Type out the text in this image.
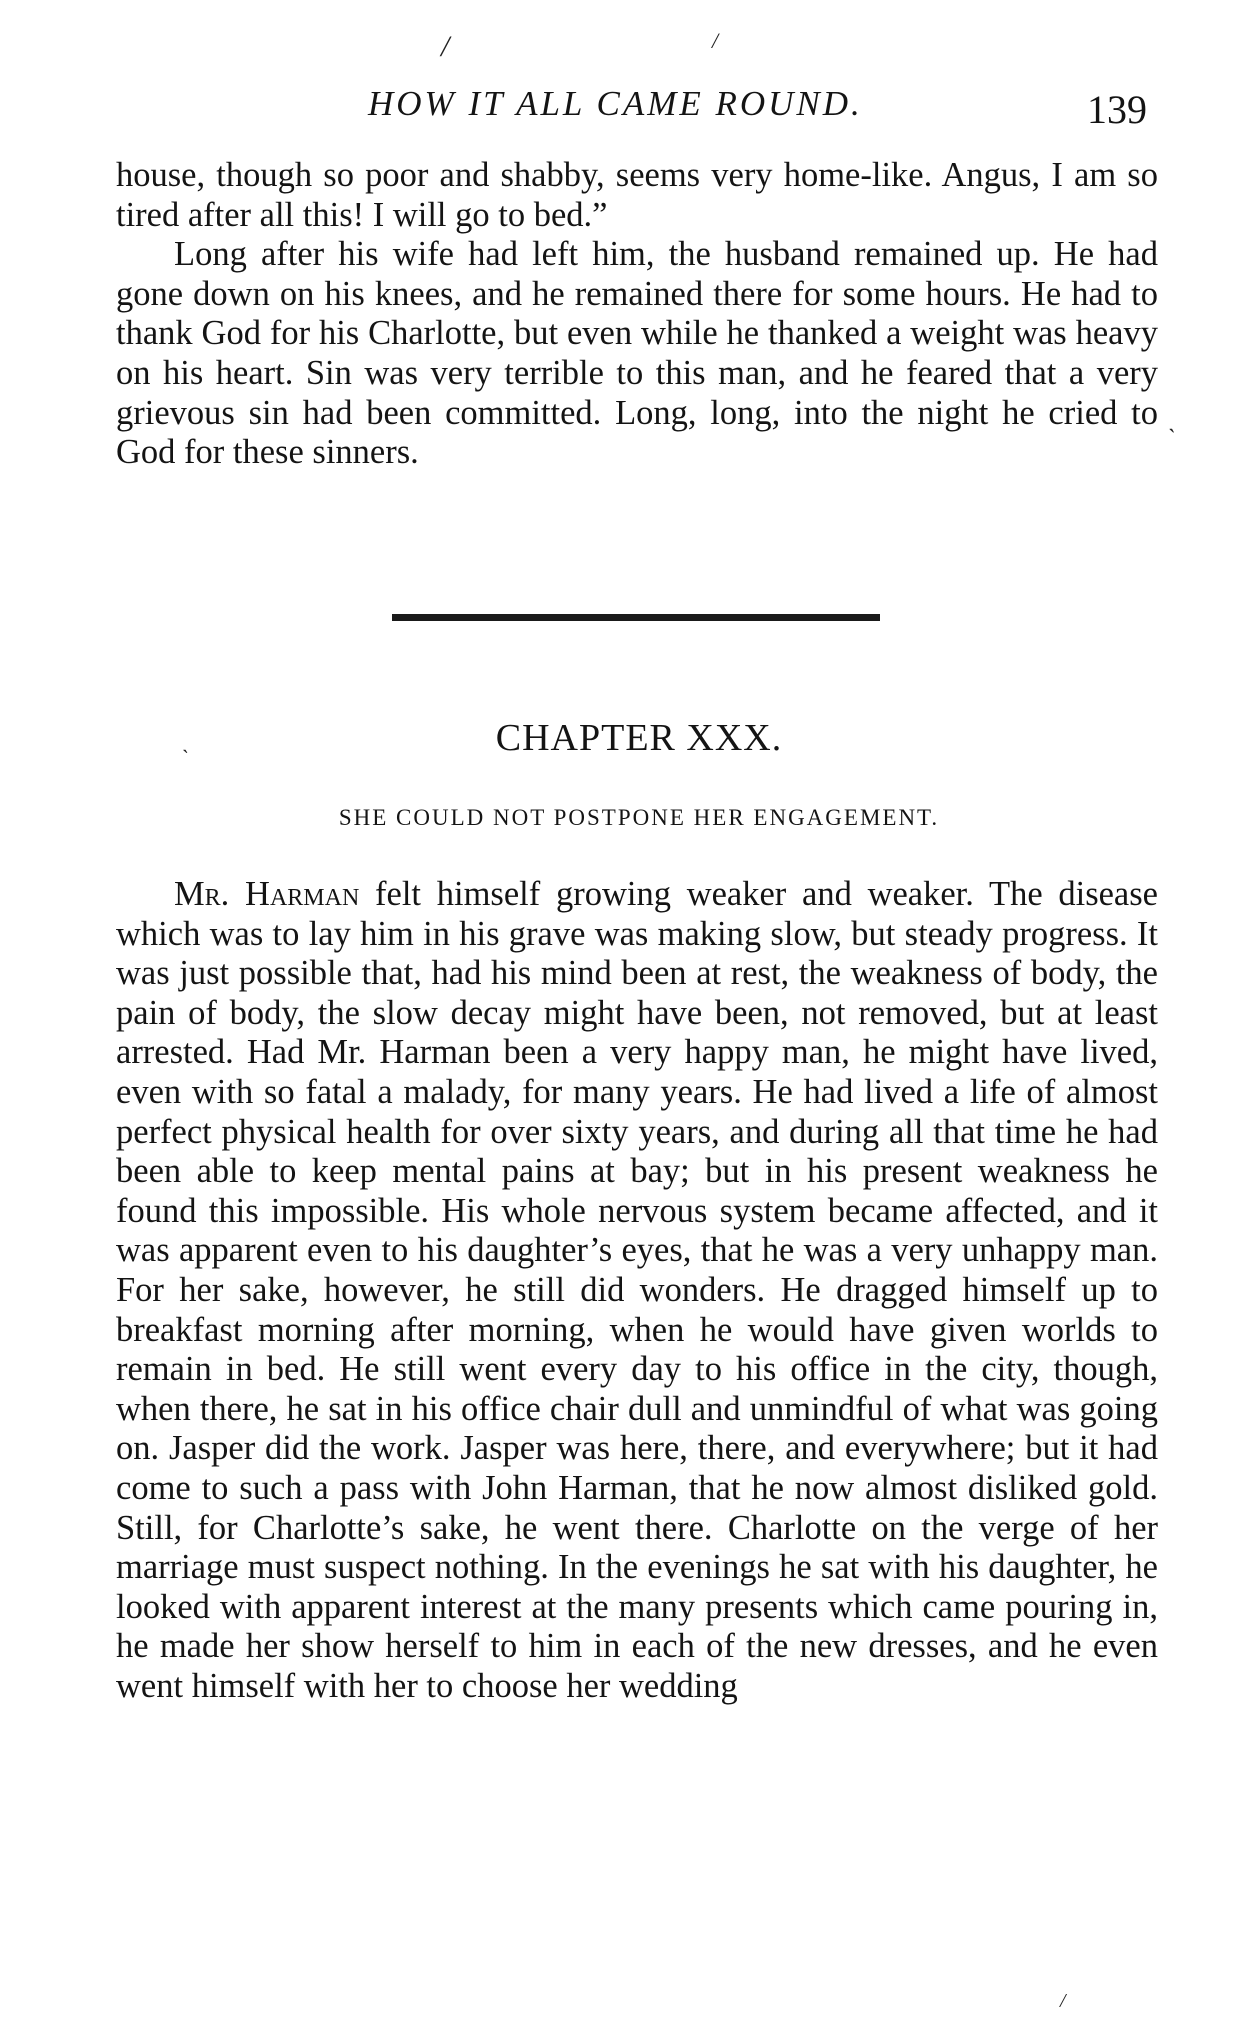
/	/
HOW IT ALL CAME ROUND.	139

house, though so poor and shabby, seems very home-like. Angus, I am so tired after all this! I will go to bed.”

Long after his wife had left him, the husband remained up. He had gone down on his knees, and he remained there for some hours. He had to thank God for his Charlotte, but even while he thanked a weight was heavy on his heart. Sin was very terrible to this man, and he feared that a very grievous sin had been committed. Long, long, into the night he cried to God for these sinners.	`
CHAPTER XXX.
`
SHE COULD NOT POSTPONE HER ENGAGEMENT.

Mr. Harman felt himself growing weaker and weaker. The disease which was to lay him in his grave was making slow, but steady progress. It was just possible that, had his mind been at rest, the weakness of body, the pain of body, the slow decay might have been, not removed, but at least arrested. Had Mr. Harman been a very happy man, he might have lived, even with so fatal a malady, for many years. He had lived a life of almost perfect physical health for over sixty years, and during all that time he had been able to keep mental pains at bay; but in his present weakness he found this impossible. His whole nervous system became affected, and it was apparent even to his daughter’s eyes, that he was a very unhappy man. For her sake, however, he still did wonders. He dragged himself up to breakfast morning after morning, when he would have given worlds to remain in bed. He still went every day to his office in the city, though, when there, he sat in his office chair dull and unmindful of what was going on. Jasper did the work. Jasper was here, there, and everywhere; but it had come to such a pass with John Harman, that he now almost disliked gold. Still, for Charlotte’s sake, he went there. Charlotte on the verge of her marriage must suspect nothing. In the evenings he sat with his daughter, he looked with apparent interest at the many presents which came pouring in, he made her show herself to him in each of the new dresses, and he even went himself with her to choose her wedding

/
